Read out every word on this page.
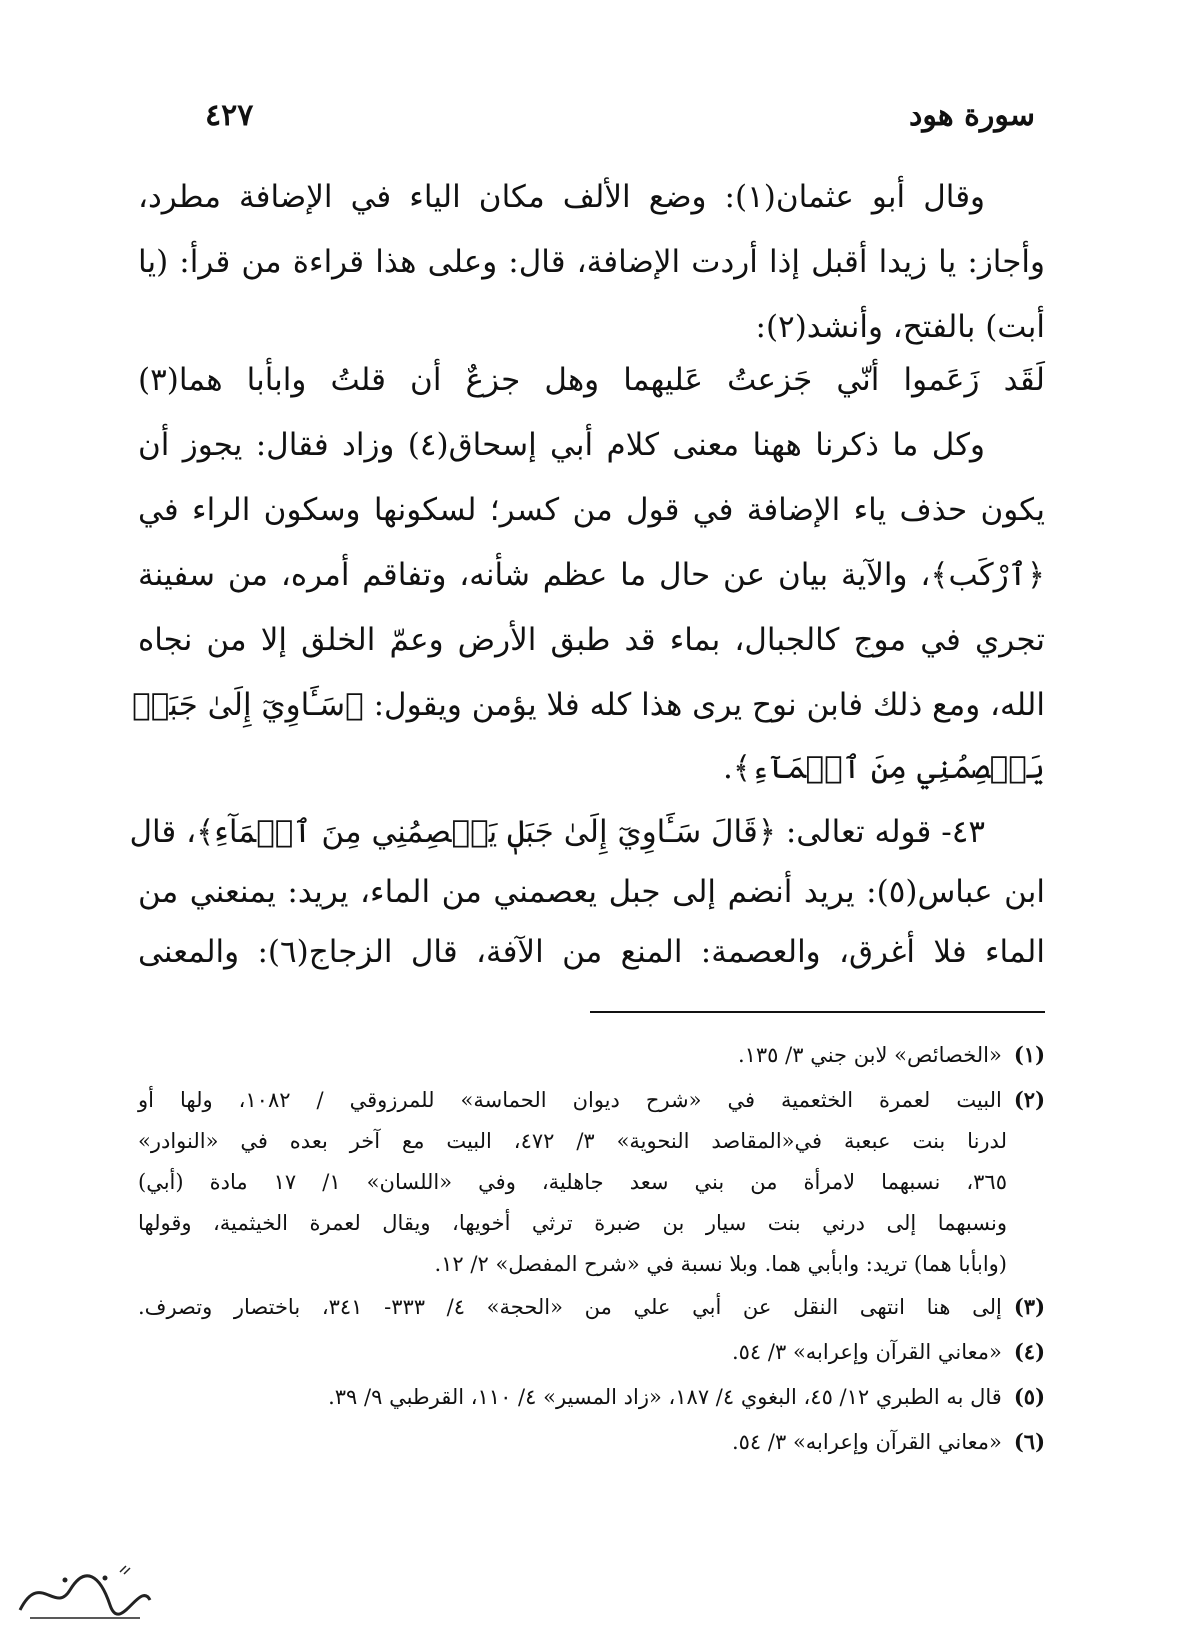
سورة هود
٤٢٧
وقال أبو عثمان(١): وضع الألف مكان الياء في الإضافة مطرد،
وأجاز: يا زيدا أقبل إذا أردت الإضافة، قال: وعلى هذا قراءة من قرأ: (يا
أبت) بالفتح، وأنشد(٢):
لَقَد زَعَموا أنّي جَزعتُ عَليهما وهل جزعٌ أن قلتُ وابأبا هما(٣)
وكل ما ذكرنا ههنا معنى كلام أبي إسحاق(٤) وزاد فقال: يجوز أن
يكون حذف ياء الإضافة في قول من كسر؛ لسكونها وسكون الراء في
﴿ٱرْكَب﴾، والآية بيان عن حال ما عظم شأنه، وتفاقم أمره، من سفينة
تجري في موج كالجبال، بماء قد طبق الأرض وعمّ الخلق إلا من نجاه
الله، ومع ذلك فابن نوح يرى هذا كله فلا يؤمن ويقول: ﴿سَـَٔاوِيٓ إِلَىٰ جَبَلٖ
يَعۡصِمُنِي مِنَ ٱلۡمَآءِ﴾.
٤٣- قوله تعالى: ﴿قَالَ سَـَٔاوِيٓ إِلَىٰ جَبَلٖ يَعۡصِمُنِي مِنَ ٱلۡمَآءِ﴾، قال
ابن عباس(٥): يريد أنضم إلى جبل يعصمني من الماء، يريد: يمنعني من
الماء فلا أغرق، والعصمة: المنع من الآفة، قال الزجاج(٦): والمعنى
(١)«الخصائص» لابن جني ٣/ ١٣٥.
(٢)البيت لعمرة الخثعمية في «شرح ديوان الحماسة» للمرزوقي / ١٠٨٢، ولها أو
لدرنا بنت عبعبة في«المقاصد النحوية» ٣/ ٤٧٢، البيت مع آخر بعده في «النوادر»
٣٦٥، نسبهما لامرأة من بني سعد جاهلية، وفي «اللسان» ١/ ١٧ مادة (أبي)
ونسبهما إلى درني بنت سيار بن ضبرة ترثي أخويها، ويقال لعمرة الخيثمية، وقولها
(وابأبا هما) تريد: وابأبي هما. وبلا نسبة في «شرح المفصل» ٢/ ١٢.
(٣)إلى هنا انتهى النقل عن أبي علي من «الحجة» ٤/ ٣٣٣- ٣٤١، باختصار وتصرف.
(٤)«معاني القرآن وإعرابه» ٣/ ٥٤.
(٥)قال به الطبري ١٢/ ٤٥، البغوي ٤/ ١٨٧، «زاد المسير» ٤/ ١١٠، القرطبي ٩/ ٣٩.
(٦)«معاني القرآن وإعرابه» ٣/ ٥٤.
